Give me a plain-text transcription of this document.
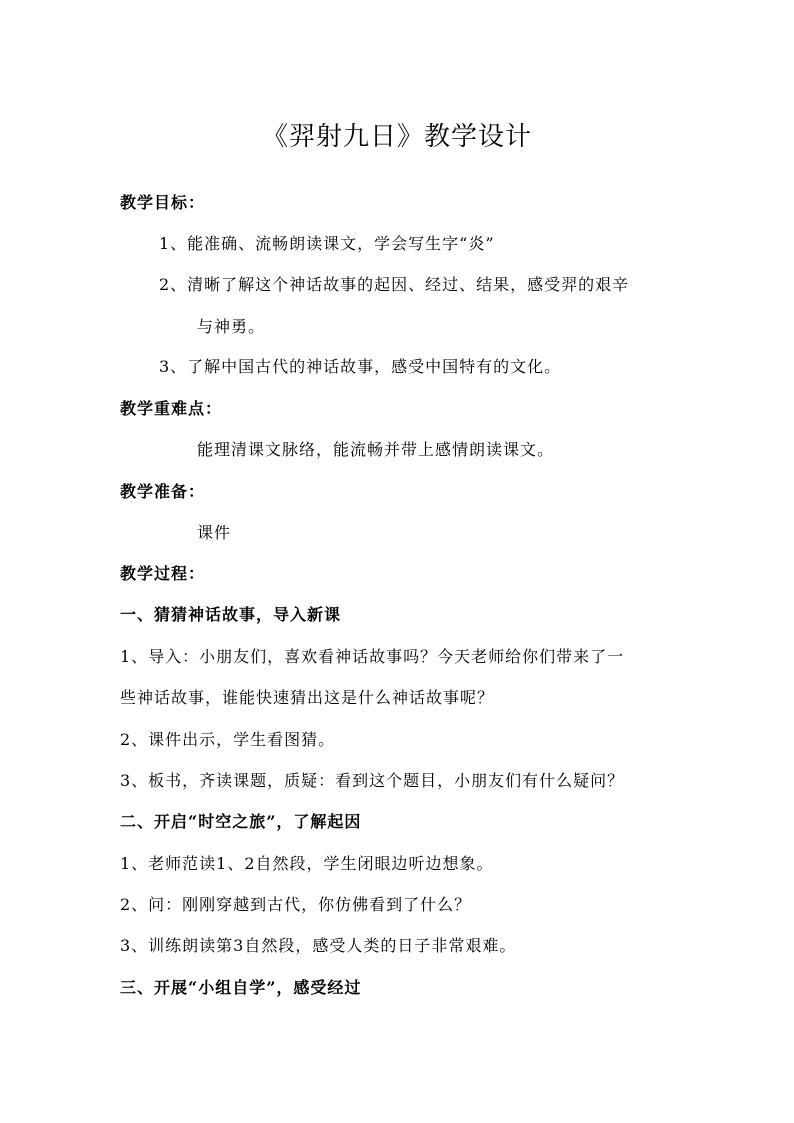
《羿射九日》教学设计
教学目标：
1、能准确、流畅朗读课文，学会写生字“炎”
2、清晰了解这个神话故事的起因、经过、结果，感受羿的艰辛
与神勇。
3、了解中国古代的神话故事，感受中国特有的文化。
教学重难点：
能理清课文脉络，能流畅并带上感情朗读课文。
教学准备：
课件
教学过程：
一、猜猜神话故事，导入新课
1、导入：小朋友们，喜欢看神话故事吗？今天老师给你们带来了一
些神话故事，谁能快速猜出这是什么神话故事呢？
2、课件出示，学生看图猜。
3、板书，齐读课题，质疑：看到这个题目，小朋友们有什么疑问？
二、开启“时空之旅”，了解起因
1、老师范读1、2自然段，学生闭眼边听边想象。
2、问：刚刚穿越到古代，你仿佛看到了什么？
3、训练朗读第3自然段，感受人类的日子非常艰难。
三、开展“小组自学”，感受经过
